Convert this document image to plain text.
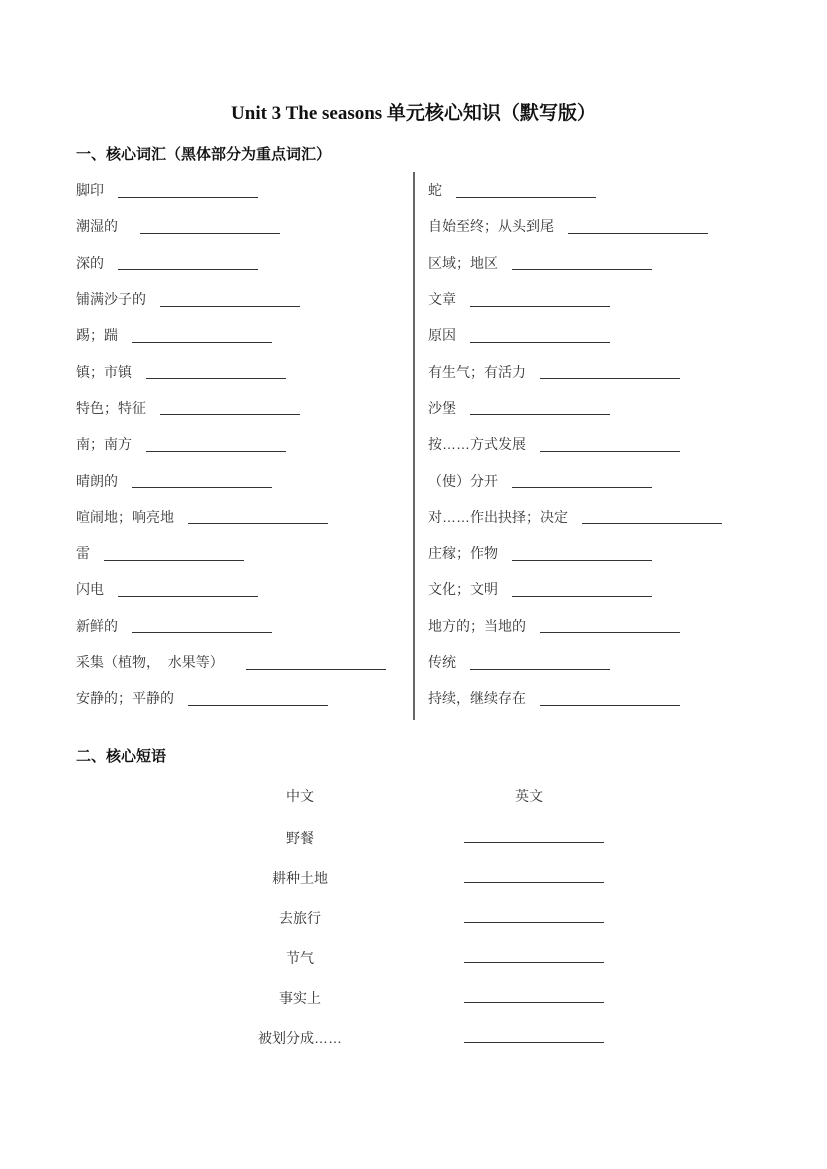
Unit 3 The seasons 单元核心知识（默写版）
一、核心词汇（黑体部分为重点词汇）
脚印
潮湿的
深的
铺满沙子的
踢；踹
镇；市镇
特色；特征
南；南方
晴朗的
喧闹地；响亮地
雷
闪电
新鲜的
采集（植物，  水果等）
安静的；平静的
蛇
自始至终；从头到尾
区域；地区
文章
原因
有生气；有活力
沙堡
按……方式发展
（使）分开
对……作出抉择；决定
庄稼；作物
文化；文明
地方的；当地的
传统
持续，继续存在
二、核心短语
中文	英文
野餐
耕种土地
去旅行
节气
事实上
被划分成……
